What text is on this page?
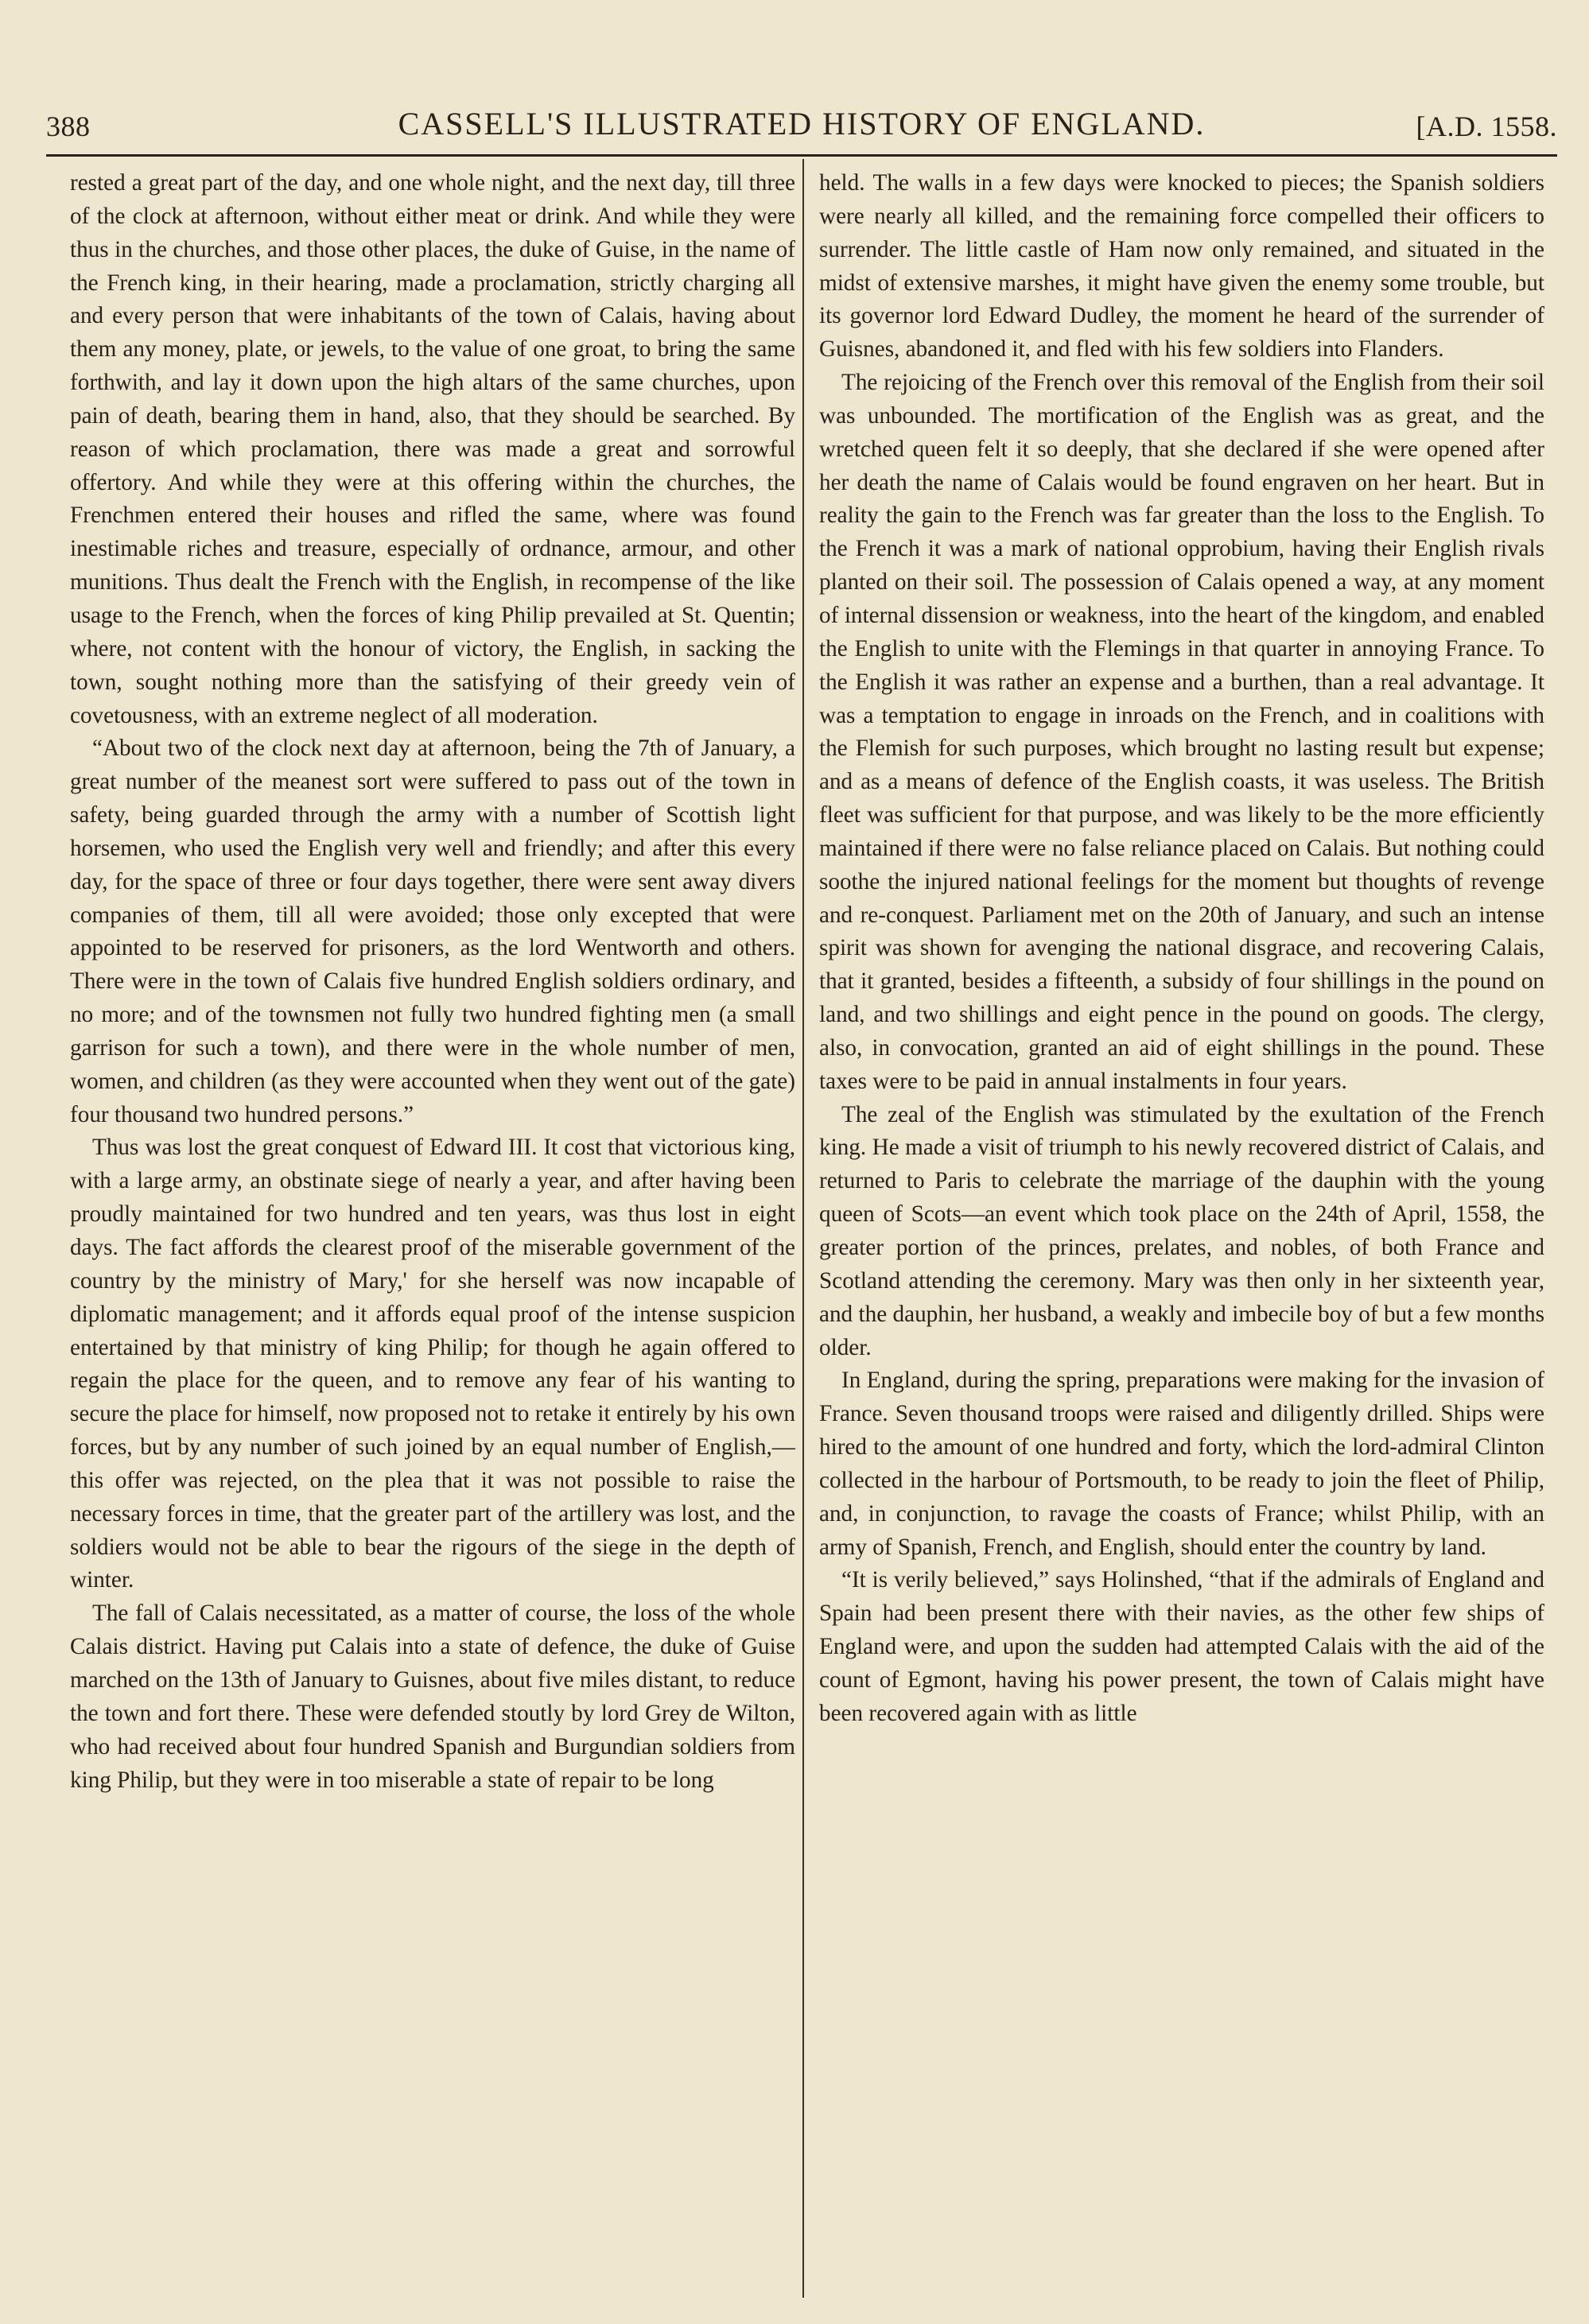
388	CASSELL'S ILLUSTRATED HISTORY OF ENGLAND.	[A.D. 1558.

rested a great part of the day, and one whole night, and the next day, till three of the clock at afternoon, without either meat or drink. And while they were thus in the churches, and those other places, the duke of Guise, in the name of the French king, in their hearing, made a proclamation, strictly charging all and every person that were inhabitants of the town of Calais, having about them any money, plate, or jewels, to the value of one groat, to bring the same forthwith, and lay it down upon the high altars of the same churches, upon pain of death, bearing them in hand, also, that they should be searched. By reason of which proclamation, there was made a great and sorrowful offertory. And while they were at this offering within the churches, the Frenchmen entered their houses and rifled the same, where was found inestimable riches and treasure, especially of ordnance, armour, and other munitions. Thus dealt the French with the English, in recompense of the like usage to the French, when the forces of king Philip prevailed at St. Quentin; where, not content with the honour of victory, the English, in sacking the town, sought nothing more than the satisfying of their greedy vein of covetousness, with an extreme neglect of all moderation.

“About two of the clock next day at afternoon, being the 7th of January, a great number of the meanest sort were suffered to pass out of the town in safety, being guarded through the army with a number of Scottish light horsemen, who used the English very well and friendly; and after this every day, for the space of three or four days together, there were sent away divers companies of them, till all were avoided; those only excepted that were appointed to be reserved for prisoners, as the lord Wentworth and others. There were in the town of Calais five hundred English soldiers ordinary, and no more; and of the townsmen not fully two hundred fighting men (a small garrison for such a town), and there were in the whole number of men, women, and children (as they were accounted when they went out of the gate) four thousand two hundred persons.”

Thus was lost the great conquest of Edward III. It cost that victorious king, with a large army, an obstinate siege of nearly a year, and after having been proudly maintained for two hundred and ten years, was thus lost in eight days. The fact affords the clearest proof of the miserable government of the country by the ministry of Mary,' for she herself was now incapable of diplomatic management; and it affords equal proof of the intense suspicion entertained by that ministry of king Philip; for though he again offered to regain the place for the queen, and to remove any fear of his wanting to secure the place for himself, now proposed not to retake it entirely by his own forces, but by any number of such joined by an equal number of English,—this offer was rejected, on the plea that it was not possible to raise the necessary forces in time, that the greater part of the artillery was lost, and the soldiers would not be able to bear the rigours of the siege in the depth of winter.

The fall of Calais necessitated, as a matter of course, the loss of the whole Calais district. Having put Calais into a state of defence, the duke of Guise marched on the 13th of January to Guisnes, about five miles distant, to reduce the town and fort there. These were defended stoutly by lord Grey de Wilton, who had received about four hundred Spanish and Burgundian soldiers from king Philip, but they were in too miserable a state of repair to be long

held. The walls in a few days were knocked to pieces; the Spanish soldiers were nearly all killed, and the remaining force compelled their officers to surrender. The little castle of Ham now only remained, and situated in the midst of extensive marshes, it might have given the enemy some trouble, but its governor lord Edward Dudley, the moment he heard of the surrender of Guisnes, abandoned it, and fled with his few soldiers into Flanders.

The rejoicing of the French over this removal of the English from their soil was unbounded. The mortification of the English was as great, and the wretched queen felt it so deeply, that she declared if she were opened after her death the name of Calais would be found engraven on her heart. But in reality the gain to the French was far greater than the loss to the English. To the French it was a mark of national opprobium, having their English rivals planted on their soil. The possession of Calais opened a way, at any moment of internal dissension or weakness, into the heart of the kingdom, and enabled the English to unite with the Flemings in that quarter in annoying France. To the English it was rather an expense and a burthen, than a real advantage. It was a temptation to engage in inroads on the French, and in coalitions with the Flemish for such purposes, which brought no lasting result but expense; and as a means of defence of the English coasts, it was useless. The British fleet was sufficient for that purpose, and was likely to be the more efficiently maintained if there were no false reliance placed on Calais. But nothing could soothe the injured national feelings for the moment but thoughts of revenge and re-conquest. Parliament met on the 20th of January, and such an intense spirit was shown for avenging the national disgrace, and recovering Calais, that it granted, besides a fifteenth, a subsidy of four shillings in the pound on land, and two shillings and eight pence in the pound on goods. The clergy, also, in convocation, granted an aid of eight shillings in the pound. These taxes were to be paid in annual instalments in four years.

The zeal of the English was stimulated by the exultation of the French king. He made a visit of triumph to his newly recovered district of Calais, and returned to Paris to celebrate the marriage of the dauphin with the young queen of Scots—an event which took place on the 24th of April, 1558, the greater portion of the princes, prelates, and nobles, of both France and Scotland attending the ceremony. Mary was then only in her sixteenth year, and the dauphin, her husband, a weakly and imbecile boy of but a few months older.

In England, during the spring, preparations were making for the invasion of France. Seven thousand troops were raised and diligently drilled. Ships were hired to the amount of one hundred and forty, which the lord-admiral Clinton collected in the harbour of Portsmouth, to be ready to join the fleet of Philip, and, in conjunction, to ravage the coasts of France; whilst Philip, with an army of Spanish, French, and English, should enter the country by land.

“It is verily believed,” says Holinshed, “that if the admirals of England and Spain had been present there with their navies, as the other few ships of England were, and upon the sudden had attempted Calais with the aid of the count of Egmont, having his power present, the town of Calais might have been recovered again with as little
